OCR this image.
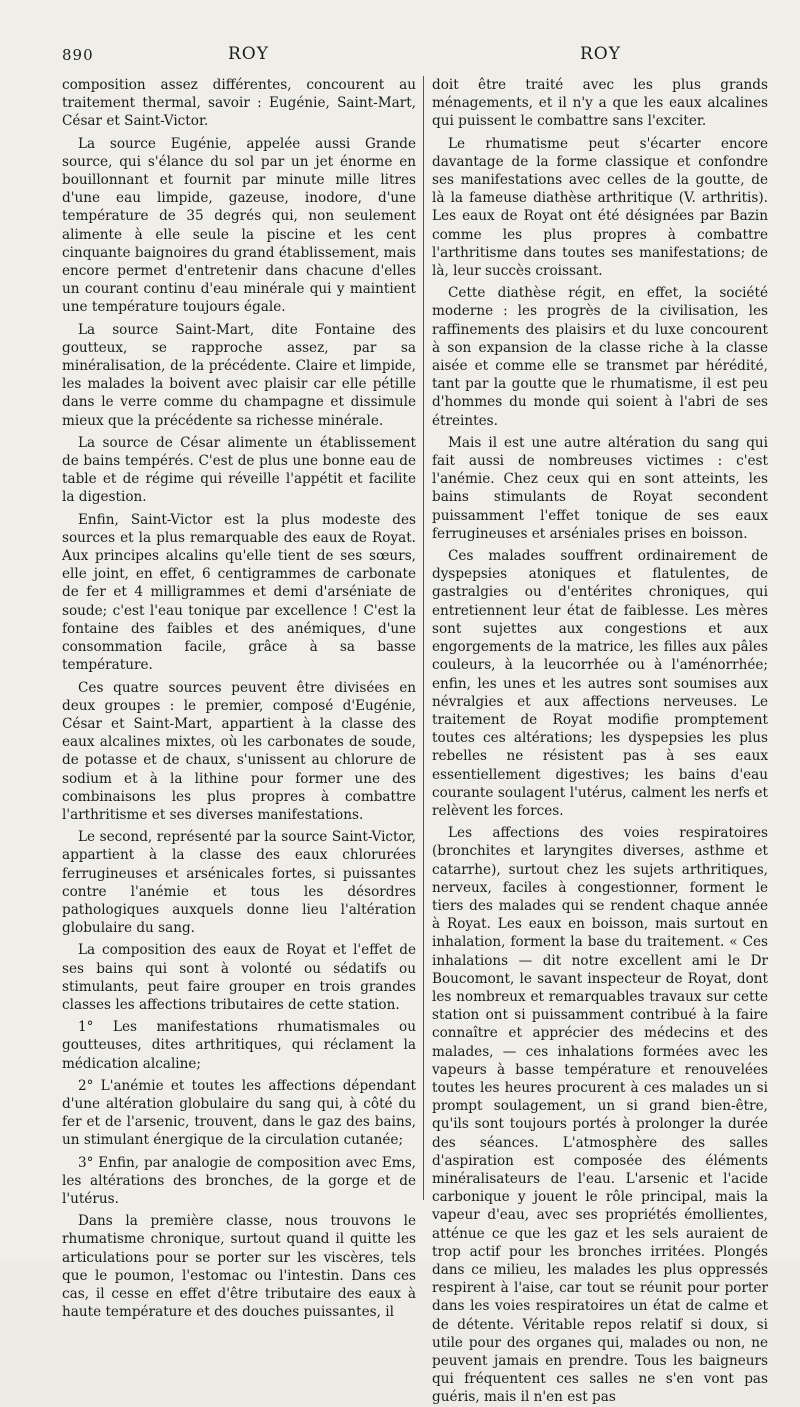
890	ROY	ROY

composition assez différentes, concourent au traitement thermal, savoir : Eugénie, Saint-Mart, César et Saint-Victor.

La source Eugénie, appelée aussi Grande source, qui s'élance du sol par un jet énorme en bouillonnant et fournit par minute mille litres d'une eau limpide, gazeuse, inodore, d'une température de 35 degrés qui, non seulement alimente à elle seule la piscine et les cent cinquante baignoires du grand établissement, mais encore permet d'entretenir dans chacune d'elles un courant continu d'eau minérale qui y maintient une température toujours égale.

La source Saint-Mart, dite Fontaine des goutteux, se rapproche assez, par sa minéralisation, de la précédente. Claire et limpide, les malades la boivent avec plaisir car elle pétille dans le verre comme du champagne et dissimule mieux que la précédente sa richesse minérale.

La source de César alimente un établissement de bains tempérés. C'est de plus une bonne eau de table et de régime qui réveille l'appétit et facilite la digestion.

Enfin, Saint-Victor est la plus modeste des sources et la plus remarquable des eaux de Royat. Aux principes alcalins qu'elle tient de ses sœurs, elle joint, en effet, 6 centigrammes de carbonate de fer et 4 milligrammes et demi d'arséniate de soude; c'est l'eau tonique par excellence ! C'est la fontaine des faibles et des anémiques, d'une consommation facile, grâce à sa basse température.

Ces quatre sources peuvent être divisées en deux groupes : le premier, composé d'Eugénie, César et Saint-Mart, appartient à la classe des eaux alcalines mixtes, où les carbonates de soude, de potasse et de chaux, s'unissent au chlorure de sodium et à la lithine pour former une des combinaisons les plus propres à combattre l'arthritisme et ses diverses manifestations.

Le second, représenté par la source Saint-Victor, appartient à la classe des eaux chlorurées ferrugineuses et arsénicales fortes, si puissantes contre l'anémie et tous les désordres pathologiques auxquels donne lieu l'altération globulaire du sang.

La composition des eaux de Royat et l'effet de ses bains qui sont à volonté ou sédatifs ou stimulants, peut faire grouper en trois grandes classes les affections tributaires de cette station.

1° Les manifestations rhumatismales ou goutteuses, dites arthritiques, qui réclament la médication alcaline;

2° L'anémie et toutes les affections dépendant d'une altération globulaire du sang qui, à côté du fer et de l'arsenic, trouvent, dans le gaz des bains, un stimulant énergique de la circulation cutanée;

3° Enfin, par analogie de composition avec Ems, les altérations des bronches, de la gorge et de l'utérus.

Dans la première classe, nous trouvons le rhumatisme chronique, surtout quand il quitte les articulations pour se porter sur les viscères, tels que le poumon, l'estomac ou l'intestin. Dans ces cas, il cesse en effet d'être tributaire des eaux à haute température et des douches puissantes, il

doit être traité avec les plus grands ménagements, et il n'y a que les eaux alcalines qui puissent le combattre sans l'exciter.

Le rhumatisme peut s'écarter encore davantage de la forme classique et confondre ses manifestations avec celles de la goutte, de là la fameuse diathèse arthritique (V. arthritis). Les eaux de Royat ont été désignées par Bazin comme les plus propres à combattre l'arthritisme dans toutes ses manifestations; de là, leur succès croissant.

Cette diathèse régit, en effet, la société moderne : les progrès de la civilisation, les raffinements des plaisirs et du luxe concourent à son expansion de la classe riche à la classe aisée et comme elle se transmet par hérédité, tant par la goutte que le rhumatisme, il est peu d'hommes du monde qui soient à l'abri de ses étreintes.

Mais il est une autre altération du sang qui fait aussi de nombreuses victimes : c'est l'anémie. Chez ceux qui en sont atteints, les bains stimulants de Royat secondent puissamment l'effet tonique de ses eaux ferrugineuses et arséniales prises en boisson.

Ces malades souffrent ordinairement de dyspepsies atoniques et flatulentes, de gastralgies ou d'entérites chroniques, qui entretiennent leur état de faiblesse. Les mères sont sujettes aux congestions et aux engorgements de la matrice, les filles aux pâles couleurs, à la leucorrhée ou à l'aménorrhée; enfin, les unes et les autres sont soumises aux névralgies et aux affections nerveuses. Le traitement de Royat modifie promptement toutes ces altérations; les dyspepsies les plus rebelles ne résistent pas à ses eaux essentiellement digestives; les bains d'eau courante soulagent l'utérus, calment les nerfs et relèvent les forces.

Les affections des voies respiratoires (bronchites et laryngites diverses, asthme et catarrhe), surtout chez les sujets arthritiques, nerveux, faciles à congestionner, forment le tiers des malades qui se rendent chaque année à Royat. Les eaux en boisson, mais surtout en inhalation, forment la base du traitement. « Ces inhalations — dit notre excellent ami le Dr Boucomont, le savant inspecteur de Royat, dont les nombreux et remarquables travaux sur cette station ont si puissamment contribué à la faire connaître et apprécier des médecins et des malades, — ces inhalations formées avec les vapeurs à basse température et renouvelées toutes les heures procurent à ces malades un si prompt soulagement, un si grand bien-être, qu'ils sont toujours portés à prolonger la durée des séances. L'atmosphère des salles d'aspiration est composée des éléments minéralisateurs de l'eau. L'arsenic et l'acide carbonique y jouent le rôle principal, mais la vapeur d'eau, avec ses propriétés émollientes, atténue ce que les gaz et les sels auraient de trop actif pour les bronches irritées. Plongés dans ce milieu, les malades les plus oppressés respirent à l'aise, car tout se réunit pour porter dans les voies respiratoires un état de calme et de détente. Véritable repos relatif si doux, si utile pour des organes qui, malades ou non, ne peuvent jamais en prendre. Tous les baigneurs qui fréquentent ces salles ne s'en vont pas guéris, mais il n'en est pas
